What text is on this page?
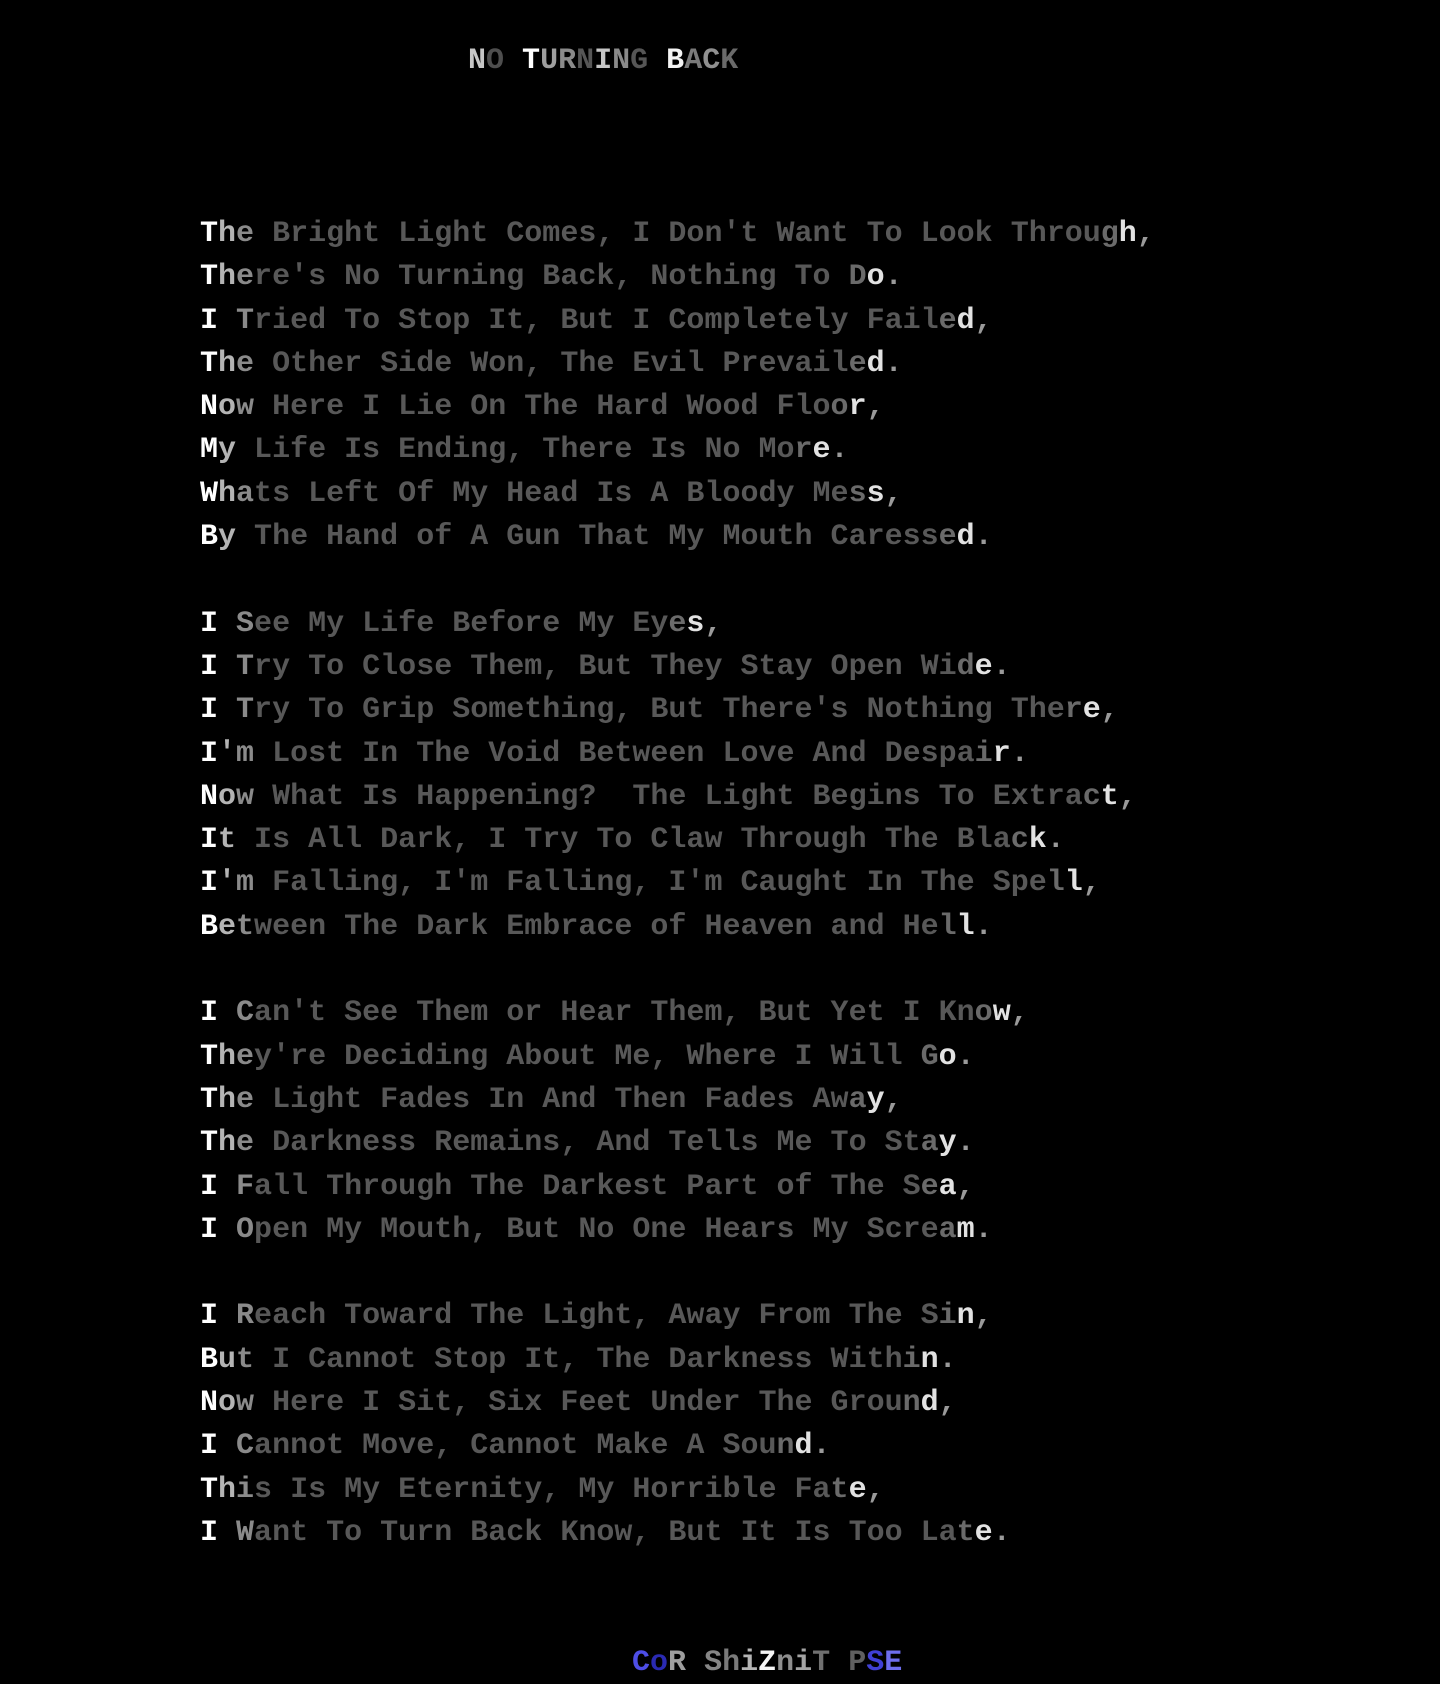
NO TURNING BACK
The Bright Light Comes, I Don't Want To Look Through,
There's No Turning Back, Nothing To Do.
I Tried To Stop It, But I Completely Failed,
The Other Side Won, The Evil Prevailed.
Now Here I Lie On The Hard Wood Floor,
My Life Is Ending, There Is No More.
Whats Left Of My Head Is A Bloody Mess,
By The Hand of A Gun That My Mouth Caressed.
I See My Life Before My Eyes,
I Try To Close Them, But They Stay Open Wide.
I Try To Grip Something, But There's Nothing There,
I'm Lost In The Void Between Love And Despair.
Now What Is Happening? The Light Begins To Extract,
It Is All Dark, I Try To Claw Through The Black.
I'm Falling, I'm Falling, I'm Caught In The Spell,
Between The Dark Embrace of Heaven and Hell.
I Can't See Them or Hear Them, But Yet I Know,
They're Deciding About Me, Where I Will Go.
The Light Fades In And Then Fades Away,
The Darkness Remains, And Tells Me To Stay.
I Fall Through The Darkest Part of The Sea,
I Open My Mouth, But No One Hears My Scream.
I Reach Toward The Light, Away From The Sin,
But I Cannot Stop It, The Darkness Within.
Now Here I Sit, Six Feet Under The Ground,
I Cannot Move, Cannot Make A Sound.
This Is My Eternity, My Horrible Fate,
I Want To Turn Back Know, But It Is Too Late.
CoR ShiZniT PSE
